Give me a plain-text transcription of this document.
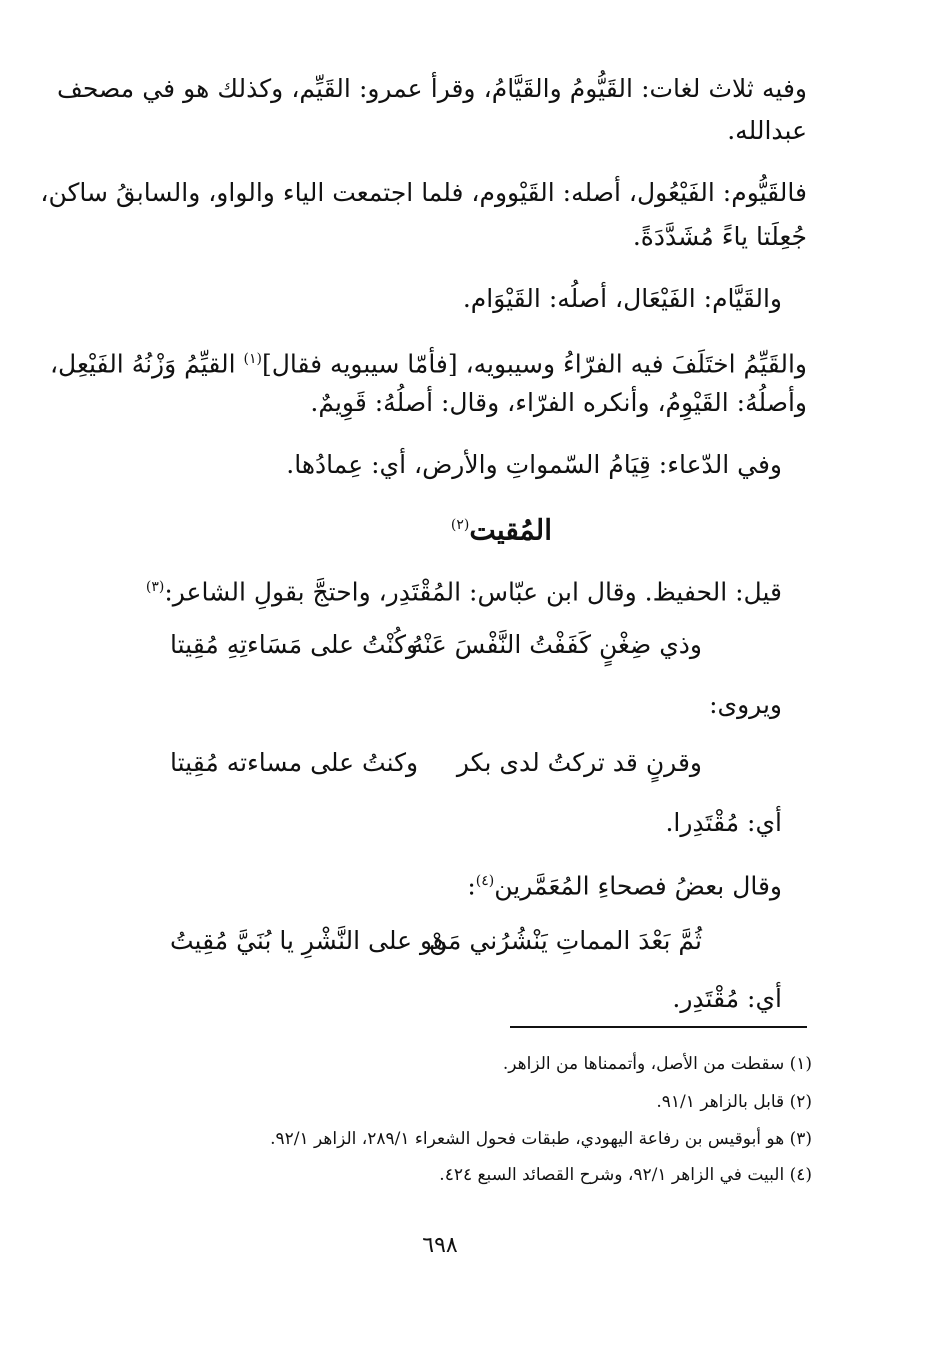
وفيه ثلاث لغات: القَيُّومُ والقَيَّامُ، وقرأ عمرو: القَيِّم، وكذلك هو في مصحف
عبدالله.
فالقَيُّوم: الفَيْعُول، أصله: القَيْووم، فلما اجتمعت الياء والواو، والسابقُ ساكن،
جُعِلَتا ياءً مُشَدَّدَةً.
والقَيَّام: الفَيْعَال، أصلُه: القَيْوَام.
والقَيِّمُ اختَلَفَ فيه الفرّاءُ وسيبويه، [فأمّا سيبويه فقال]$^{(١)}$ القيِّمُ وَزْنُهُ الفَيْعِل،
وأصلُهُ: القَيْوِمُ، وأنكره الفرّاء، وقال: أصلُهُ: قَوِيمٌ.
وفي الدّعاء: قِيَامُ السّمواتِ والأرض، أي: عِمادُها.
المُقيت$^{(٢)}$
قيل: الحفيظ. وقال ابن عبّاس: المُقْتَدِر، واحتجَّ بقولِ الشاعر:$^{(٣)}$
وذي ضِغْنٍ كَفَفْتُ النَّفْسَ عَنْهُ
وكُنْتُ على مَسَاءتِهِ مُقِيتا
ويروى:
وقرنٍ قد تركتُ لدى بكر
وكنتُ على مساءته مُقِيتا
أي: مُقْتَدِرا.
وقال بعضُ فصحاءِ المُعَمَّرين$^{(٤)}$:
ثُمَّ بَعْدَ المماتِ يَنْشُرُني مَنْ
هو على النَّشْرِ يا بُنَيَّ مُقِيتُ
أي: مُقْتَدِر.
(١) سقطت من الأصل، وأتممناها من الزاهر.
(٢) قابل بالزاهر ٩١/١.
(٣) هو أبوقيس بن رفاعة اليهودي، طبقات فحول الشعراء ٢٨٩/١، الزاهر ٩٢/١.
(٤) البيت في الزاهر ٩٢/١، وشرح القصائد السبع ٤٢٤.
٦٩٨
